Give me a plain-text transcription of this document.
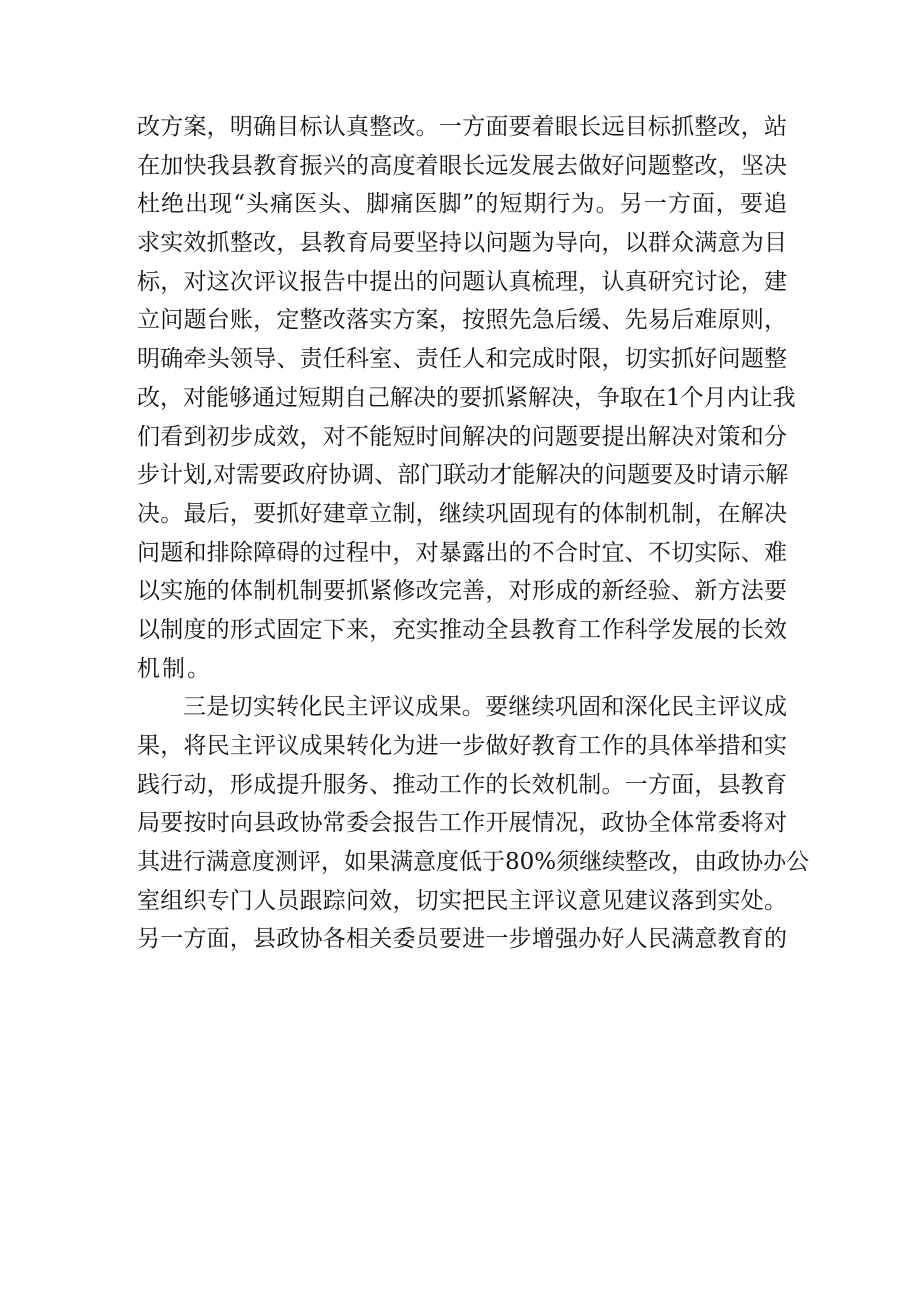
改方案，明确目标认真整改。一方面要着眼长远目标抓整改，站
在加快我县教育振兴的高度着眼长远发展去做好问题整改，坚决
杜绝出现“头痛医头、脚痛医脚”的短期行为。另一方面，要追
求实效抓整改，县教育局要坚持以问题为导向，以群众满意为目
标，对这次评议报告中提出的问题认真梳理，认真研究讨论，建
立问题台账，定整改落实方案，按照先急后缓、先易后难原则，
明确牵头领导、责任科室、责任人和完成时限，切实抓好问题整
改，对能够通过短期自己解决的要抓紧解决，争取在1个月内让我
们看到初步成效，对不能短时间解决的问题要提出解决对策和分
步计划,对需要政府协调、部门联动才能解决的问题要及时请示解
决。最后，要抓好建章立制，继续巩固现有的体制机制，在解决
问题和排除障碍的过程中，对暴露出的不合时宜、不切实际、难
以实施的体制机制要抓紧修改完善，对形成的新经验、新方法要
以制度的形式固定下来，充实推动全县教育工作科学发展的长效
机制。
三是切实转化民主评议成果。要继续巩固和深化民主评议成
果，将民主评议成果转化为进一步做好教育工作的具体举措和实
践行动，形成提升服务、推动工作的长效机制。一方面，县教育
局要按时向县政协常委会报告工作开展情况，政协全体常委将对
其进行满意度测评，如果满意度低于80%须继续整改，由政协办公
室组织专门人员跟踪问效，切实把民主评议意见建议落到实处。
另一方面，县政协各相关委员要进一步增强办好人民满意教育的
